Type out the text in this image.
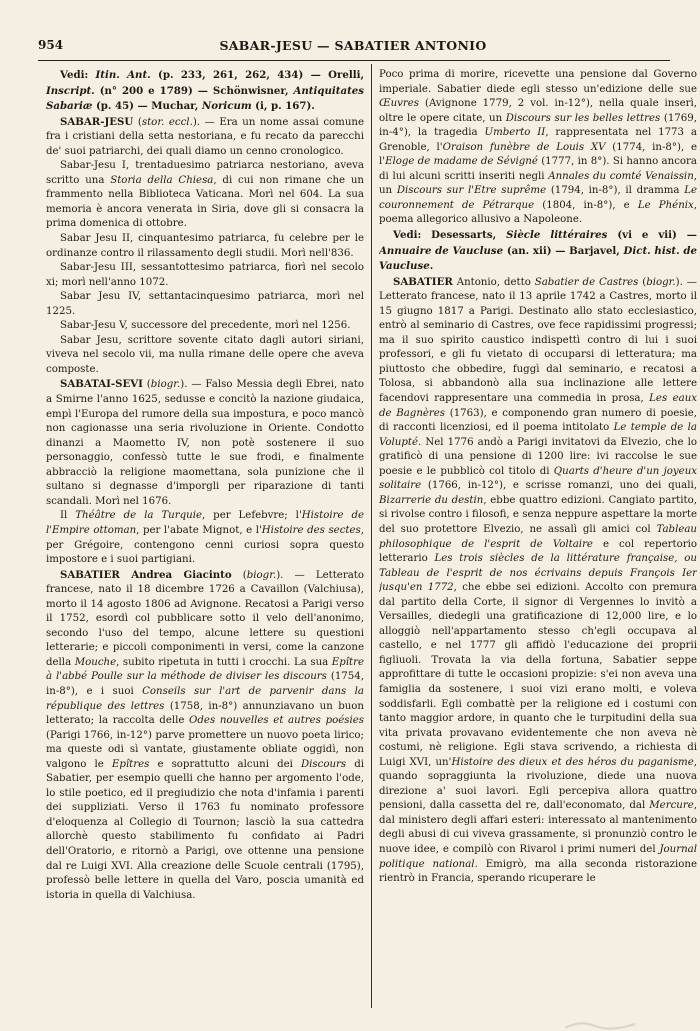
954	SABAR-JESU — SABATIER ANTONIO

Vedi: Itin. Ant. (p. 233, 261, 262, 434) — Orelli, Inscript. (n° 200 e 1789) — Schönwisner, Antiquitates Sabariæ (p. 45) — Muchar, Noricum (i, p. 167).

SABAR-JESU (stor. eccl.). — Era un nome assai comune fra i cristiani della setta nestoriana, e fu recato da parecchi de' suoi patriarchi, dei quali diamo un cenno cronologico.

Sabar-Jesu I, trentaduesimo patriarca nestoriano, aveva scritto una Storia della Chiesa, di cui non rimane che un frammento nella Biblioteca Vaticana. Morì nel 604. La sua memoria è ancora venerata in Siria, dove gli si consacra la prima domenica di ottobre.

Sabar Jesu II, cinquantesimo patriarca, fu celebre per le ordinanze contro il rilassamento degli studii. Morì nell'836.

Sabar-Jesu III, sessantottesimo patriarca, fiorì nel secolo xi; morì nell'anno 1072.

Sabar Jesu IV, settantacinquesimo patriarca, morì nel 1225.

Sabar-Jesu V, successore del precedente, morì nel 1256.

Sabar Jesu, scrittore sovente citato dagli autori siriani, viveva nel secolo vii, ma nulla rimane delle opere che aveva composte.

SABATAI-SEVI (biogr.). — Falso Messia degli Ebrei, nato a Smirne l'anno 1625, sedusse e concitò la nazione giudaica, empì l'Europa del rumore della sua impostura, e poco mancò non cagionasse una seria rivoluzione in Oriente. Condotto dinanzi a Maometto IV, non potè sostenere il suo personaggio, confessò tutte le sue frodi, e finalmente abbracciò la religione maomettana, sola punizione che il sultano si degnasse d'imporgli per riparazione di tanti scandali. Morì nel 1676.

Il Théâtre de la Turquie, per Lefebvre; l'Histoire de l'Empire ottoman, per l'abate Mignot, e l'Histoire des sectes, per Grégoire, contengono cenni curiosi sopra questo impostore e i suoi partigiani.

SABATIER Andrea Giacinto (biogr.). — Letterato francese, nato il 18 dicembre 1726 a Cavaillon (Valchiusa), morto il 14 agosto 1806 ad Avignone. Recatosi a Parigi verso il 1752, esordì col pubblicare sotto il velo dell'anonimo, secondo l'uso del tempo, alcune lettere su questioni letterarie; e piccoli componimenti in versi, come la canzone della Mouche, subito ripetuta in tutti i crocchi. La sua Epître à l'abbé Poulle sur la méthode de diviser les discours (1754, in-8°), e i suoi Conseils sur l'art de parvenir dans la république des lettres (1758, in-8°) annunziavano un buon letterato; la raccolta delle Odes nouvelles et autres poésies (Parigi 1766, in-12°) parve promettere un nuovo poeta lirico; ma queste odi sì vantate, giustamente obliate oggidì, non valgono le Epîtres e soprattutto alcuni dei Discours di Sabatier, per esempio quelli che hanno per argomento l'ode, lo stile poetico, ed il pregiudizio che nota d'infamia i parenti dei suppliziati. Verso il 1763 fu nominato professore d'eloquenza al Collegio di Tournon; lasciò la sua cattedra allorchè questo stabilimento fu confidato ai Padri dell'Oratorio, e ritornò a Parigi, ove ottenne una pensione dal re Luigi XVI. Alla creazione delle Scuole centrali (1795), professò belle lettere in quella del Varo, poscia umanità ed istoria in quella di Valchiusa.

Poco prima di morire, ricevette una pensione dal Governo imperiale. Sabatier diede egli stesso un'edizione delle sue Œuvres (Avignone 1779, 2 vol. in-12°), nella quale inserì, oltre le opere citate, un Discours sur les belles lettres (1769, in-4°), la tragedia Umberto II, rappresentata nel 1773 a Grenoble, l'Oraison funèbre de Louis XV (1774, in-8°), e l'Eloge de madame de Sévigné (1777, in 8°). Si hanno ancora di lui alcuni scritti inseriti negli Annales du comté Venaissin, un Discours sur l'Etre suprême (1794, in-8°), il dramma Le couronnement de Pétrarque (1804, in-8°), e Le Phénix, poema allegorico allusivo a Napoleone.

Vedi: Desessarts, Siècle littéraires (vi e vii) — Annuaire de Vaucluse (an. xii) — Barjavel, Dict. hist. de Vaucluse.

SABATIER Antonio, detto Sabatier de Castres (biogr.). — Letterato francese, nato il 13 aprile 1742 a Castres, morto il 15 giugno 1817 a Parigi. Destinato allo stato ecclesiastico, entrò al seminario di Castres, ove fece rapidissimi progressi; ma il suo spirito caustico indispettì contro di lui i suoi professori, e gli fu vietato di occuparsi di letteratura; ma piuttosto che obbedire, fuggì dal seminario, e recatosi a Tolosa, si abbandonò alla sua inclinazione alle lettere facendovi rappresentare una commedia in prosa, Les eaux de Bagnères (1763), e componendo gran numero di poesie, di racconti licenziosi, ed il poema intitolato Le temple de la Volupté. Nel 1776 andò a Parigi invitatovi da Elvezio, che lo gratificò di una pensione di 1200 lire: ivi raccolse le sue poesie e le pubblicò col titolo di Quarts d'heure d'un joyeux solitaire (1766, in-12°), e scrisse romanzi, uno dei quali, Bizarrerie du destin, ebbe quattro edizioni. Cangiato partito, si rivolse contro i filosofi, e senza neppure aspettare la morte del suo protettore Elvezio, ne assalì gli amici col Tableau philosophique de l'esprit de Voltaire e col repertorio letterario Les trois siècles de la littérature française, ou Tableau de l'esprit de nos écrivains depuis François Ier jusqu'en 1772, che ebbe sei edizioni. Accolto con premura dal partito della Corte, il signor di Vergennes lo invitò a Versailles, diedegli una gratificazione di 12,000 lire, e lo alloggiò nell'appartamento stesso ch'egli occupava al castello, e nel 1777 gli affidò l'educazione dei proprii figliuoli. Trovata la via della fortuna, Sabatier seppe approfittare di tutte le occasioni propizie: s'ei non aveva una famiglia da sostenere, i suoi vizi erano molti, e voleva soddisfarli. Egli combattè per la religione ed i costumi con tanto maggior ardore, in quanto che le turpitudini della sua vita privata provavano evidentemente che non aveva nè costumi, nè religione. Egli stava scrivendo, a richiesta di Luigi XVI, un'Histoire des dieux et des héros du paganisme, quando sopraggiunta la rivoluzione, diede una nuova direzione a' suoi lavori. Egli percepiva allora quattro pensioni, dalla cassetta del re, dall'economato, dal Mercure, dal ministero degli affari esteri: interessato al mantenimento degli abusi di cui viveva grassamente, si pronunziò contro le nuove idee, e compilò con Rivarol i primi numeri del Journal politique national. Emigrò, ma alla seconda ristorazione rientrò in Francia, sperando ricuperare le
